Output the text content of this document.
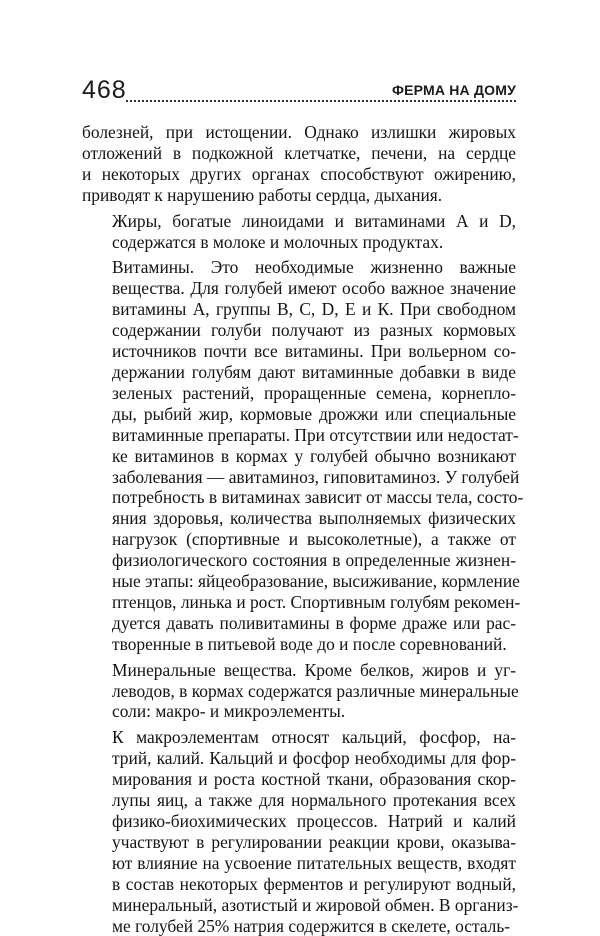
468	ФЕРМА НА ДОМУ

болезней, при истощении. Однако излишки жировых
отложений в подкожной клетчатке, печени, на сердце
и некоторых других органах способствуют ожирению,
приводят к нарушению работы сердца, дыхания.

Жиры, богатые линоидами и витаминами А и D,
содержатся в молоке и молочных продуктах.

Витамины. Это необходимые жизненно важные
вещества. Для голубей имеют особо важное значение
витамины А, группы В, С, D, Е и К. При свободном
содержании голуби получают из разных кормовых
источников почти все витамины. При вольерном со-
держании голубям дают витаминные добавки в виде
зеленых растений, проращенные семена, корнепло-
ды, рыбий жир, кормовые дрожжи или специальные
витаминные препараты. При отсутствии или недостат-
ке витаминов в кормах у голубей обычно возникают
заболевания — авитаминоз, гиповитаминоз. У голубей
потребность в витаминах зависит от массы тела, состо-
яния здоровья, количества выполняемых физических
нагрузок (спортивные и высоколетные), а также от
физиологического состояния в определенные жизнен-
ные этапы: яйцеобразование, высиживание, кормление
птенцов, линька и рост. Спортивным голубям рекомен-
дуется давать поливитамины в форме драже или рас-
творенные в питьевой воде до и после соревнований.

Минеральные вещества. Кроме белков, жиров и уг-
леводов, в кормах содержатся различные минеральные
соли: макро- и микроэлементы.

К макроэлементам относят кальций, фосфор, на-
трий, калий. Кальций и фосфор необходимы для фор-
мирования и роста костной ткани, образования скор-
лупы яиц, а также для нормального протекания всех
физико-биохимических процессов. Натрий и калий
участвуют в регулировании реакции крови, оказыва-
ют влияние на усвоение питательных веществ, входят
в состав некоторых ферментов и регулируют водный,
минеральный, азотистый и жировой обмен. В организ-
ме голубей 25% натрия содержится в скелете, осталь-
